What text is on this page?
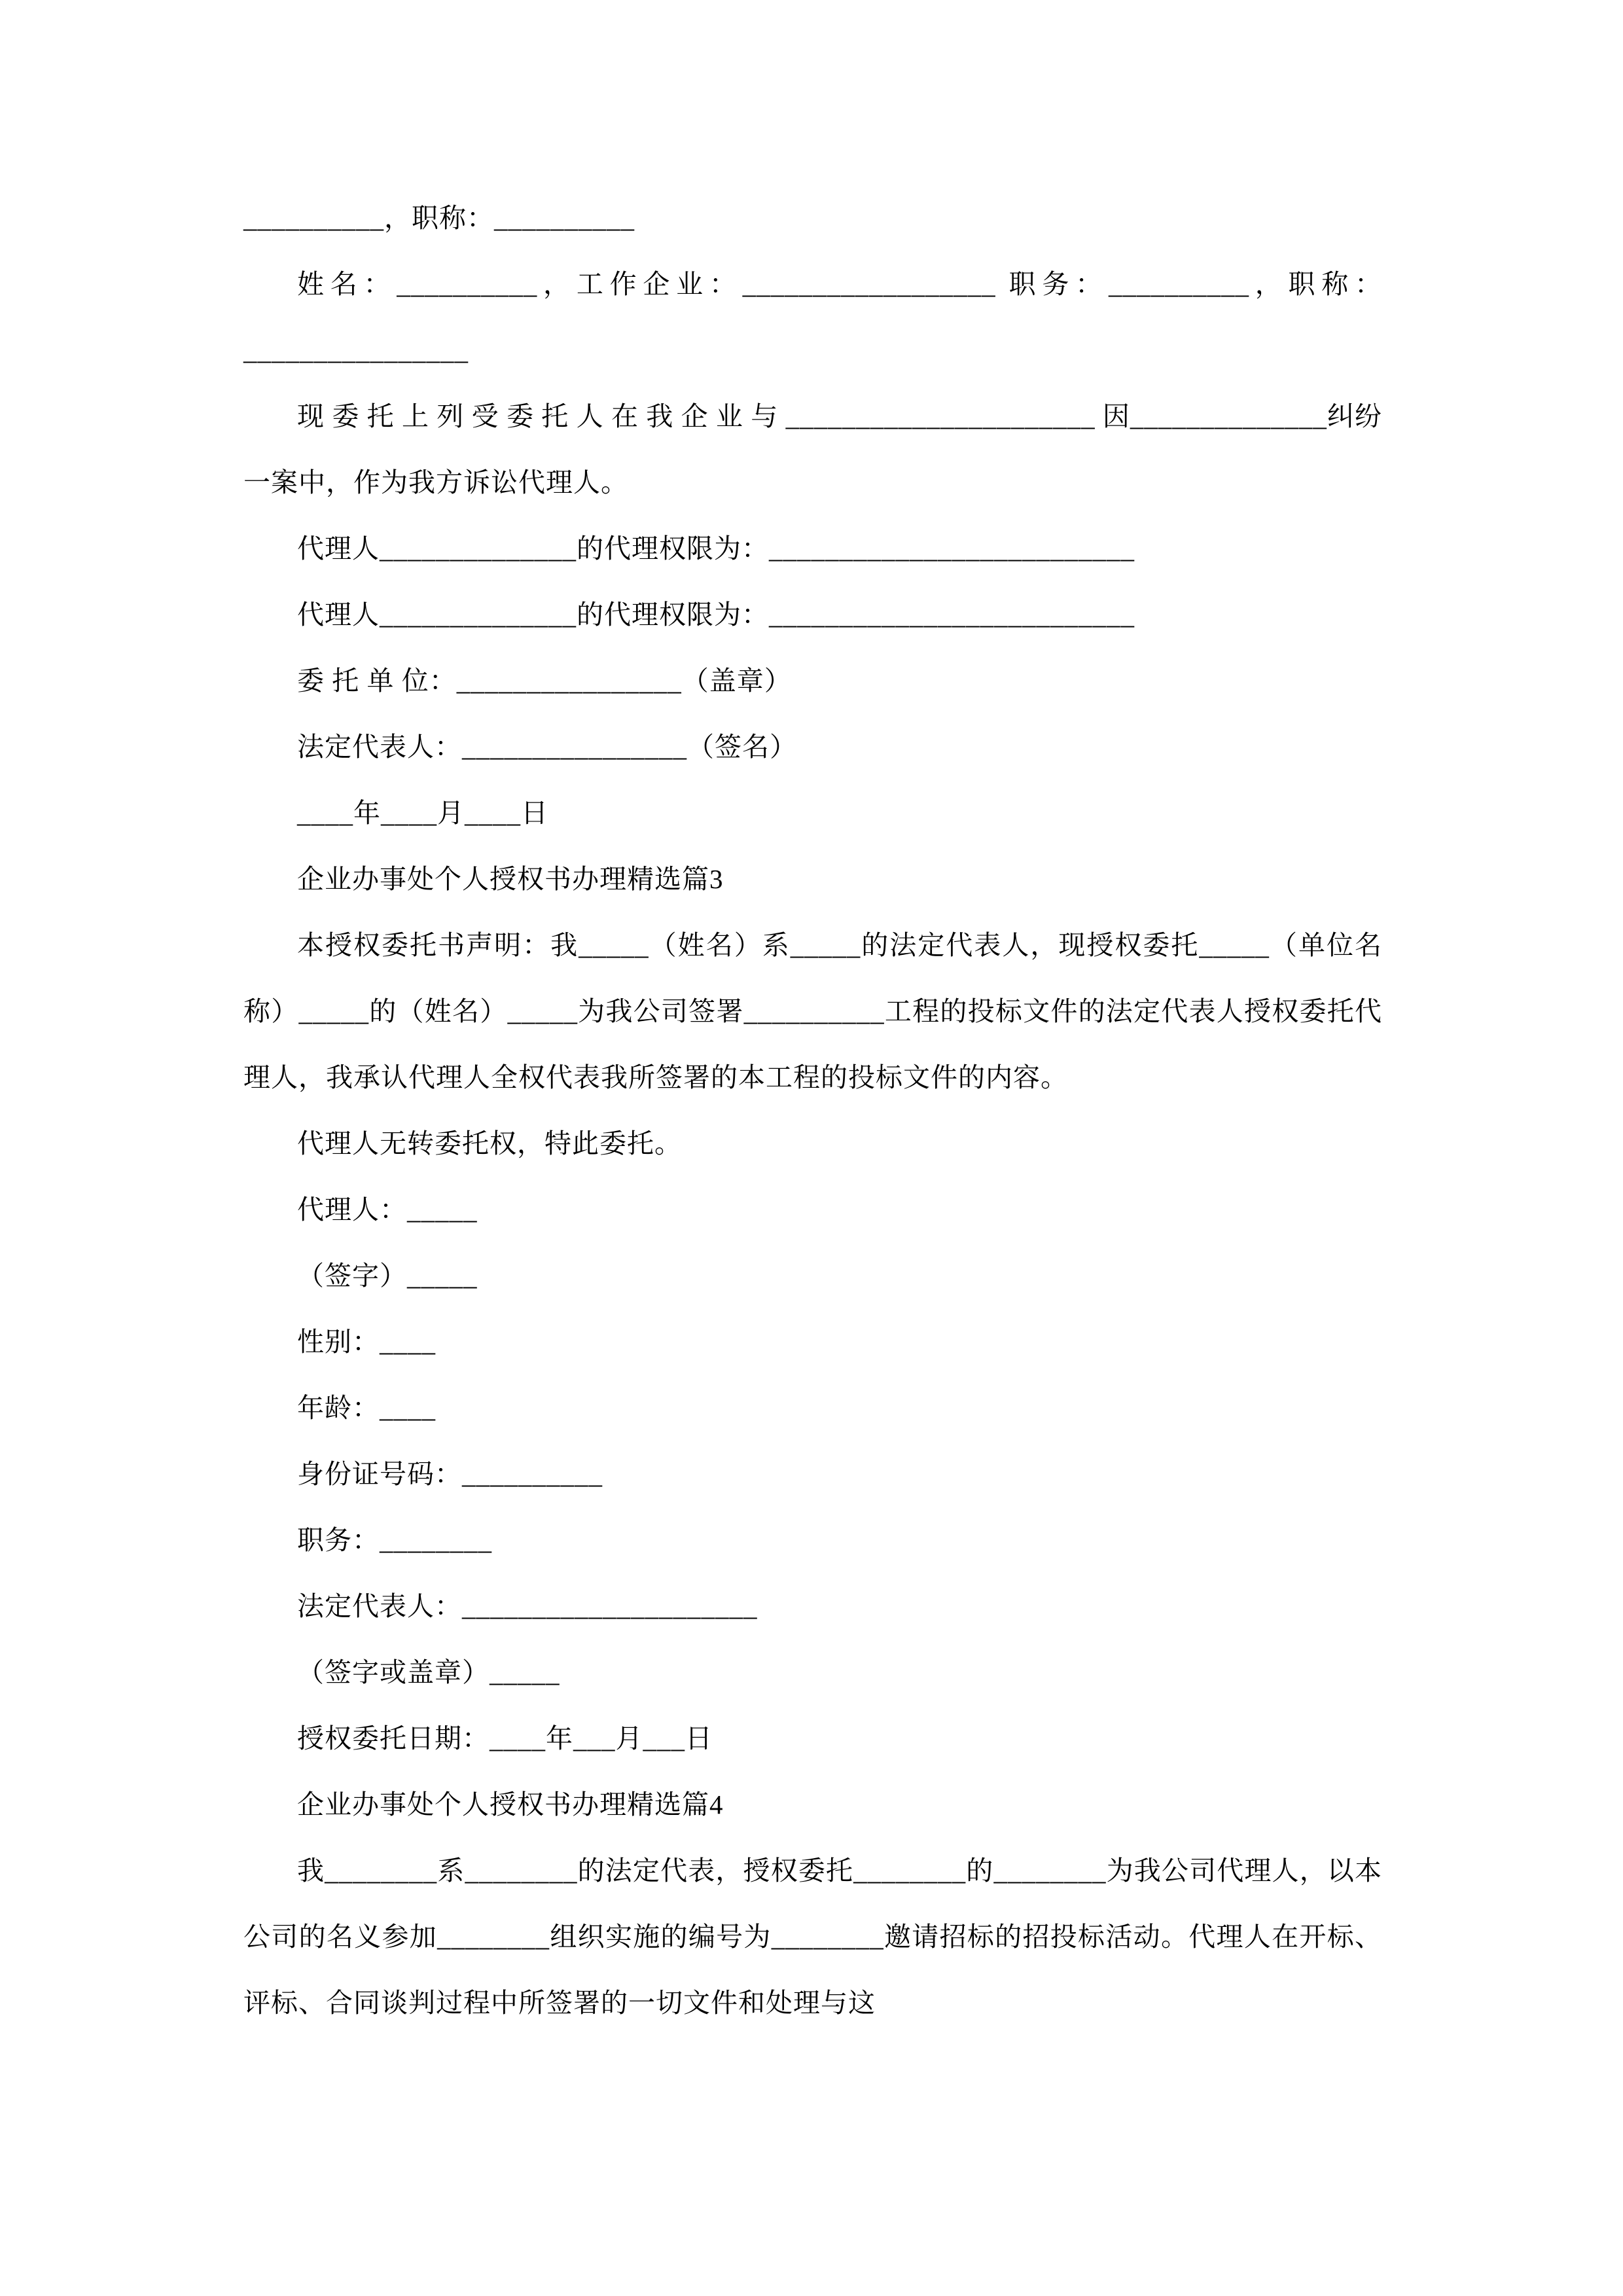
__________，职称：__________

姓名：__________，工作企业：__________________ 职务：__________，职称：________________

现 委 托 上 列 受 委 托 人 在 我 企 业 与 ______________________ 因______________纠纷一案中，作为我方诉讼代理人。

代理人______________的代理权限为：__________________________

代理人______________的代理权限为：__________________________

委 托 单 位：________________（盖章）

法定代表人：________________（签名）

____年____月____日

企业办事处个人授权书办理精选篇3

本授权委托书声明：我_____（姓名）系_____的法定代表人，现授权委托_____（单位名称）_____的（姓名）_____为我公司签署__________工程的投标文件的法定代表人授权委托代理人，我承认代理人全权代表我所签署的本工程的投标文件的内容。

代理人无转委托权，特此委托。

代理人：_____

（签字）_____

性别：____

年龄：____

身份证号码：__________

职务：________

法定代表人：_____________________

（签字或盖章）_____

授权委托日期：____年___月___日

企业办事处个人授权书办理精选篇4

我________系________的法定代表，授权委托________的________为我公司代理人，以本公司的名义参加________组织实施的编号为________邀请招标的招投标活动。代理人在开标、评标、合同谈判过程中所签署的一切文件和处理与这
